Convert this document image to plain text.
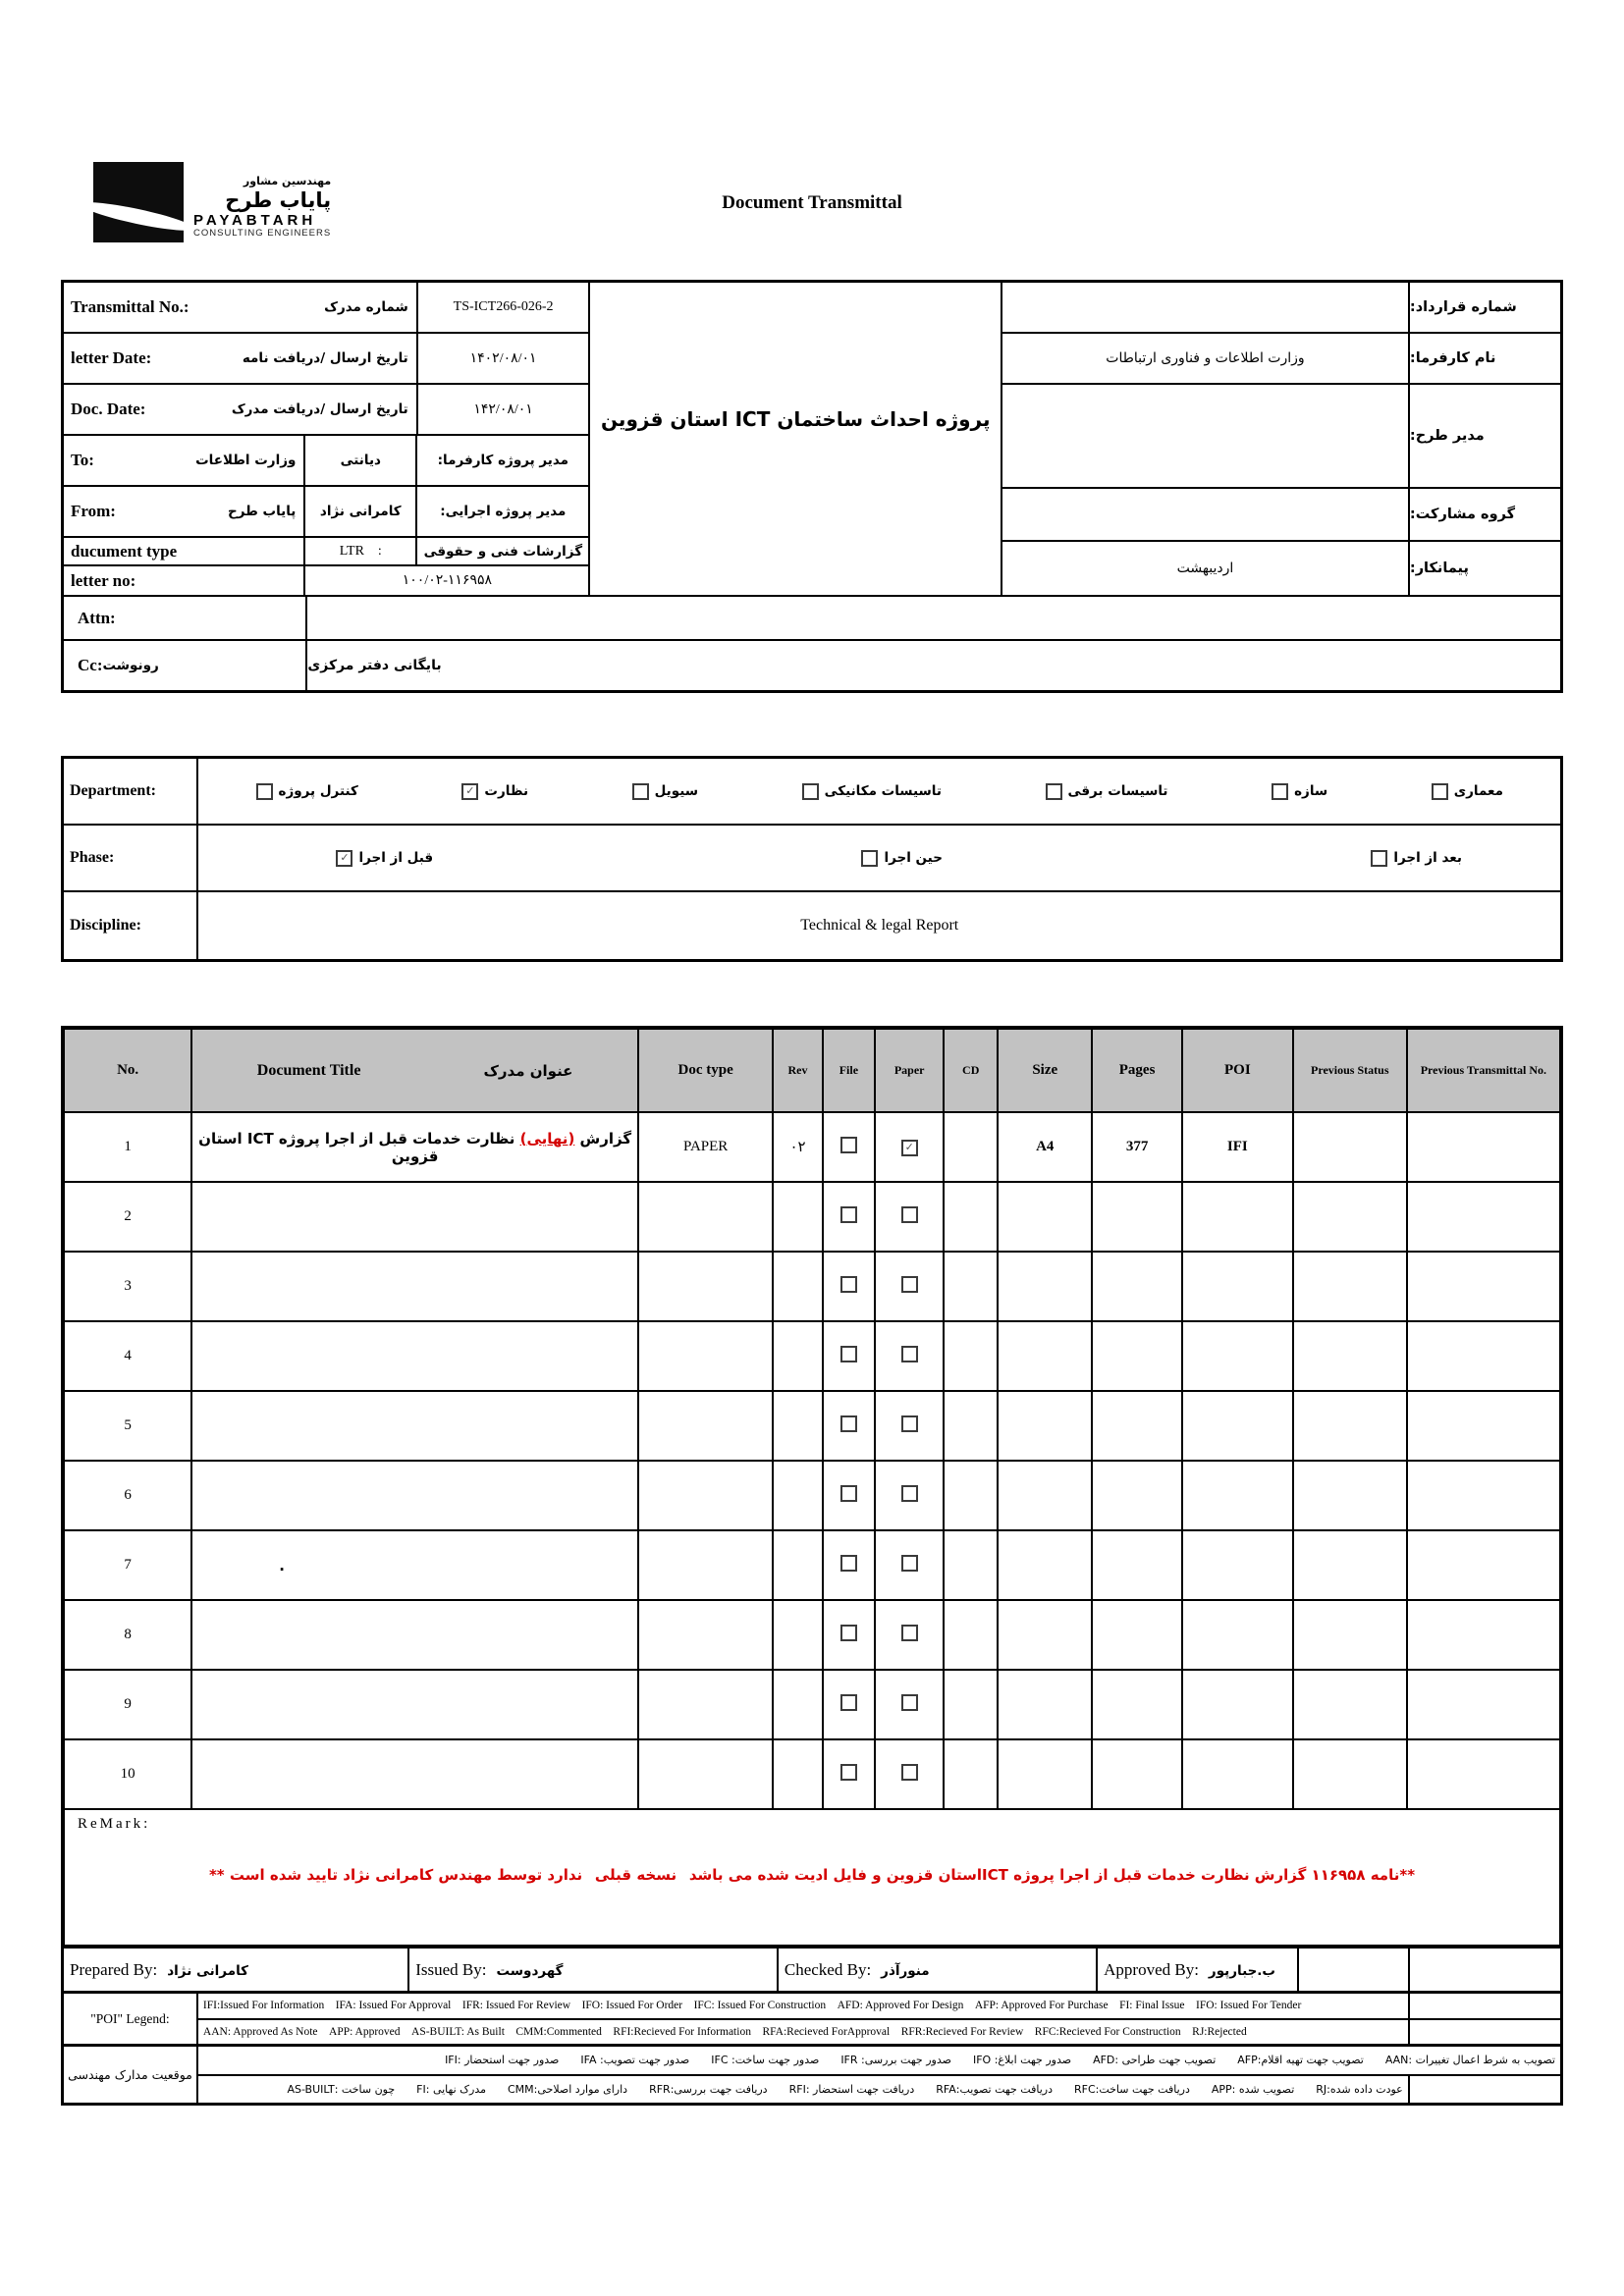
مهندسین مشاور
پایاب طرح
PAYABTARH
CONSULTING ENGINEERS
Document Transmittal
Transmittal No.:	شماره مدرک	TS-ICT266-026-2
letter Date:	تاریخ ارسال /دریافت نامه	۱۴۰۲/۰۸/۰۱
Doc. Date:	تاریخ ارسال /دریافت مدرک	۱۴۲/۰۸/۰۱
To:	وزارت اطلاعات	دیانتی	مدیر پروژه کارفرما:
From:	پایاب طرح	کامرانی نژاد	مدیر پروژه اجرایی:
ducument type	LTR :	گزارشات فنی و حقوقی
letter no:	۱۰۰/۰۲-۱۱۶۹۵۸
پروژه احداث ساختمان ICT استان قزوین
شماره قرارداد:
وزارت اطلاعات و فناوری ارتباطات	نام کارفرما:
مدیر طرح:
گروه مشارکت:
اردیبهشت	پیمانکار:
Attn:
Cc: رونوشت	بایگانی دفتر مرکزی
Department:	معماری
سازه
تاسیسات برقی
تاسیسات مکانیکی
سیویل
✓ نظارت
کنترل پروژه
Phase:	بعد از اجرا
حین اجرا
✓ قبل از اجرا
Discipline:	Technical & legal Report
No.	Document Title عنوان مدرک	Doc type	Rev	File	Paper	CD	Size	Pages	POI	Previous Status	Previous Transmittal No.
1	گزارش (نهایی) نظارت خدمات قبل از اجرا پروژه ICT استان قزوین	PAPER	۰۲		✓		A4	377	IFI		
2											
3											
4											
5											
6											
7	.										
8											
9											
10											

ReMark:
**نامه ۱۱۶۹۵۸ گزارش نظارت خدمات قبل از اجرا پروژه ICTاستان قزوین و فایل ادیت شده می باشد  نسخه قبلی  ندارد توسط مهندس کامرانی نژاد تایید شده است **											
Prepared By: کامرانی نژاد	Issued By: گهردوست	Checked By: منورآذر	Approved By: ب.جبارپور		
"POI" Legend:	IFI:Issued For Information IFA: Issued For Approval IFR: Issued For Review IFO: Issued For Order IFC: Issued For Construction AFD: Approved For Design AFP: Approved For Purchase FI: Final Issue IFO: Issued For Tender	
	AAN: Approved As Note APP: Approved AS-BUILT: As Built CMM:Commented RFI:Recieved For Information RFA:Recieved ForApproval RFR:Recieved For Review RFC:Recieved For Construction RJ:Rejected	
موقعیت مدارک مهندسی	تصویب به شرط اعمال تغییرات :AAN  تصویب جهت تهیه اقلام:AFP  تصویب جهت طراحی :AFD  صدور جهت ابلاغ: IFO  صدور جهت بررسی: IFR  صدور جهت ساخت: IFC  صدور جهت تصویب: IFA  صدور جهت استحضار :IFI	
	عودت داده شده:RJ  تصویب شده :APP  دریافت جهت ساخت:RFC  دریافت جهت تصویب:RFA  دریافت جهت استحضار :RFI  دریافت جهت بررسی:RFR  دارای موارد اصلاحی:CMM  مدرک نهایی :FI  چون ساخت :AS-BUILT	
